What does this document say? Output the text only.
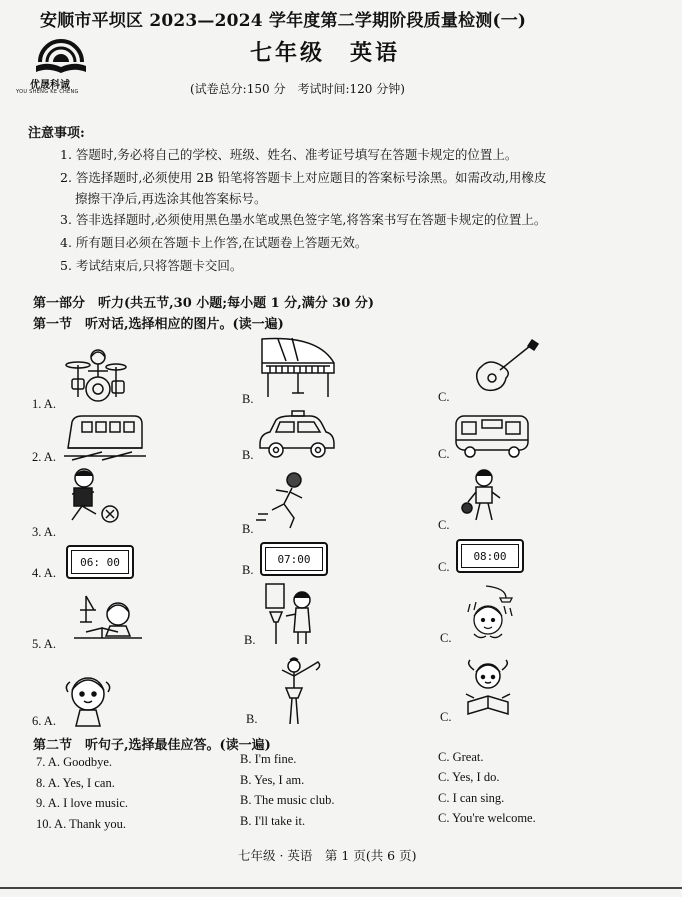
优晟科诚
YOU SHENG KE CHENG
安顺市平坝区 2023—2024 学年度第二学期阶段质量检测(一)
七年级　英语
(试卷总分:150 分　考试时间:120 分钟)
注意事项:
1. 答题时,务必将自己的学校、班级、姓名、准考证号填写在答题卡规定的位置上。
2. 答选择题时,必须使用 2B 铅笔将答题卡上对应题目的答案标号涂黑。如需改动,用橡皮
擦擦干净后,再选涂其他答案标号。
3. 答非选择题时,必须使用黑色墨水笔或黑色签字笔,将答案书写在答题卡规定的位置上。
4. 所有题目必须在答题卡上作答,在试题卷上答题无效。
5. 考试结束后,只将答题卡交回。
第一部分　听力(共五节,30 小题;每小题 1 分,满分 30 分)
第一节　听对话,选择相应的图片。(读一遍)
1. A.	B.	C.
2. A.	B.	C.
3. A.	B.	C.
4. A.	B.	C.
06: 00	07:00	08:00
5. A.	B.	C.
6. A.	B.	C.
第二节　听句子,选择最佳应答。(读一遍)
7. A. Goodbye.	B. I'm fine.	C. Great.
8. A. Yes, I can.	B. Yes, I am.	C. Yes, I do.
9. A. I love music.	B. The music club.	C. I can sing.
10. A. Thank you.	B. I'll take it.	C. You're welcome.
七年级 · 英语　第 1 页(共 6 页)
